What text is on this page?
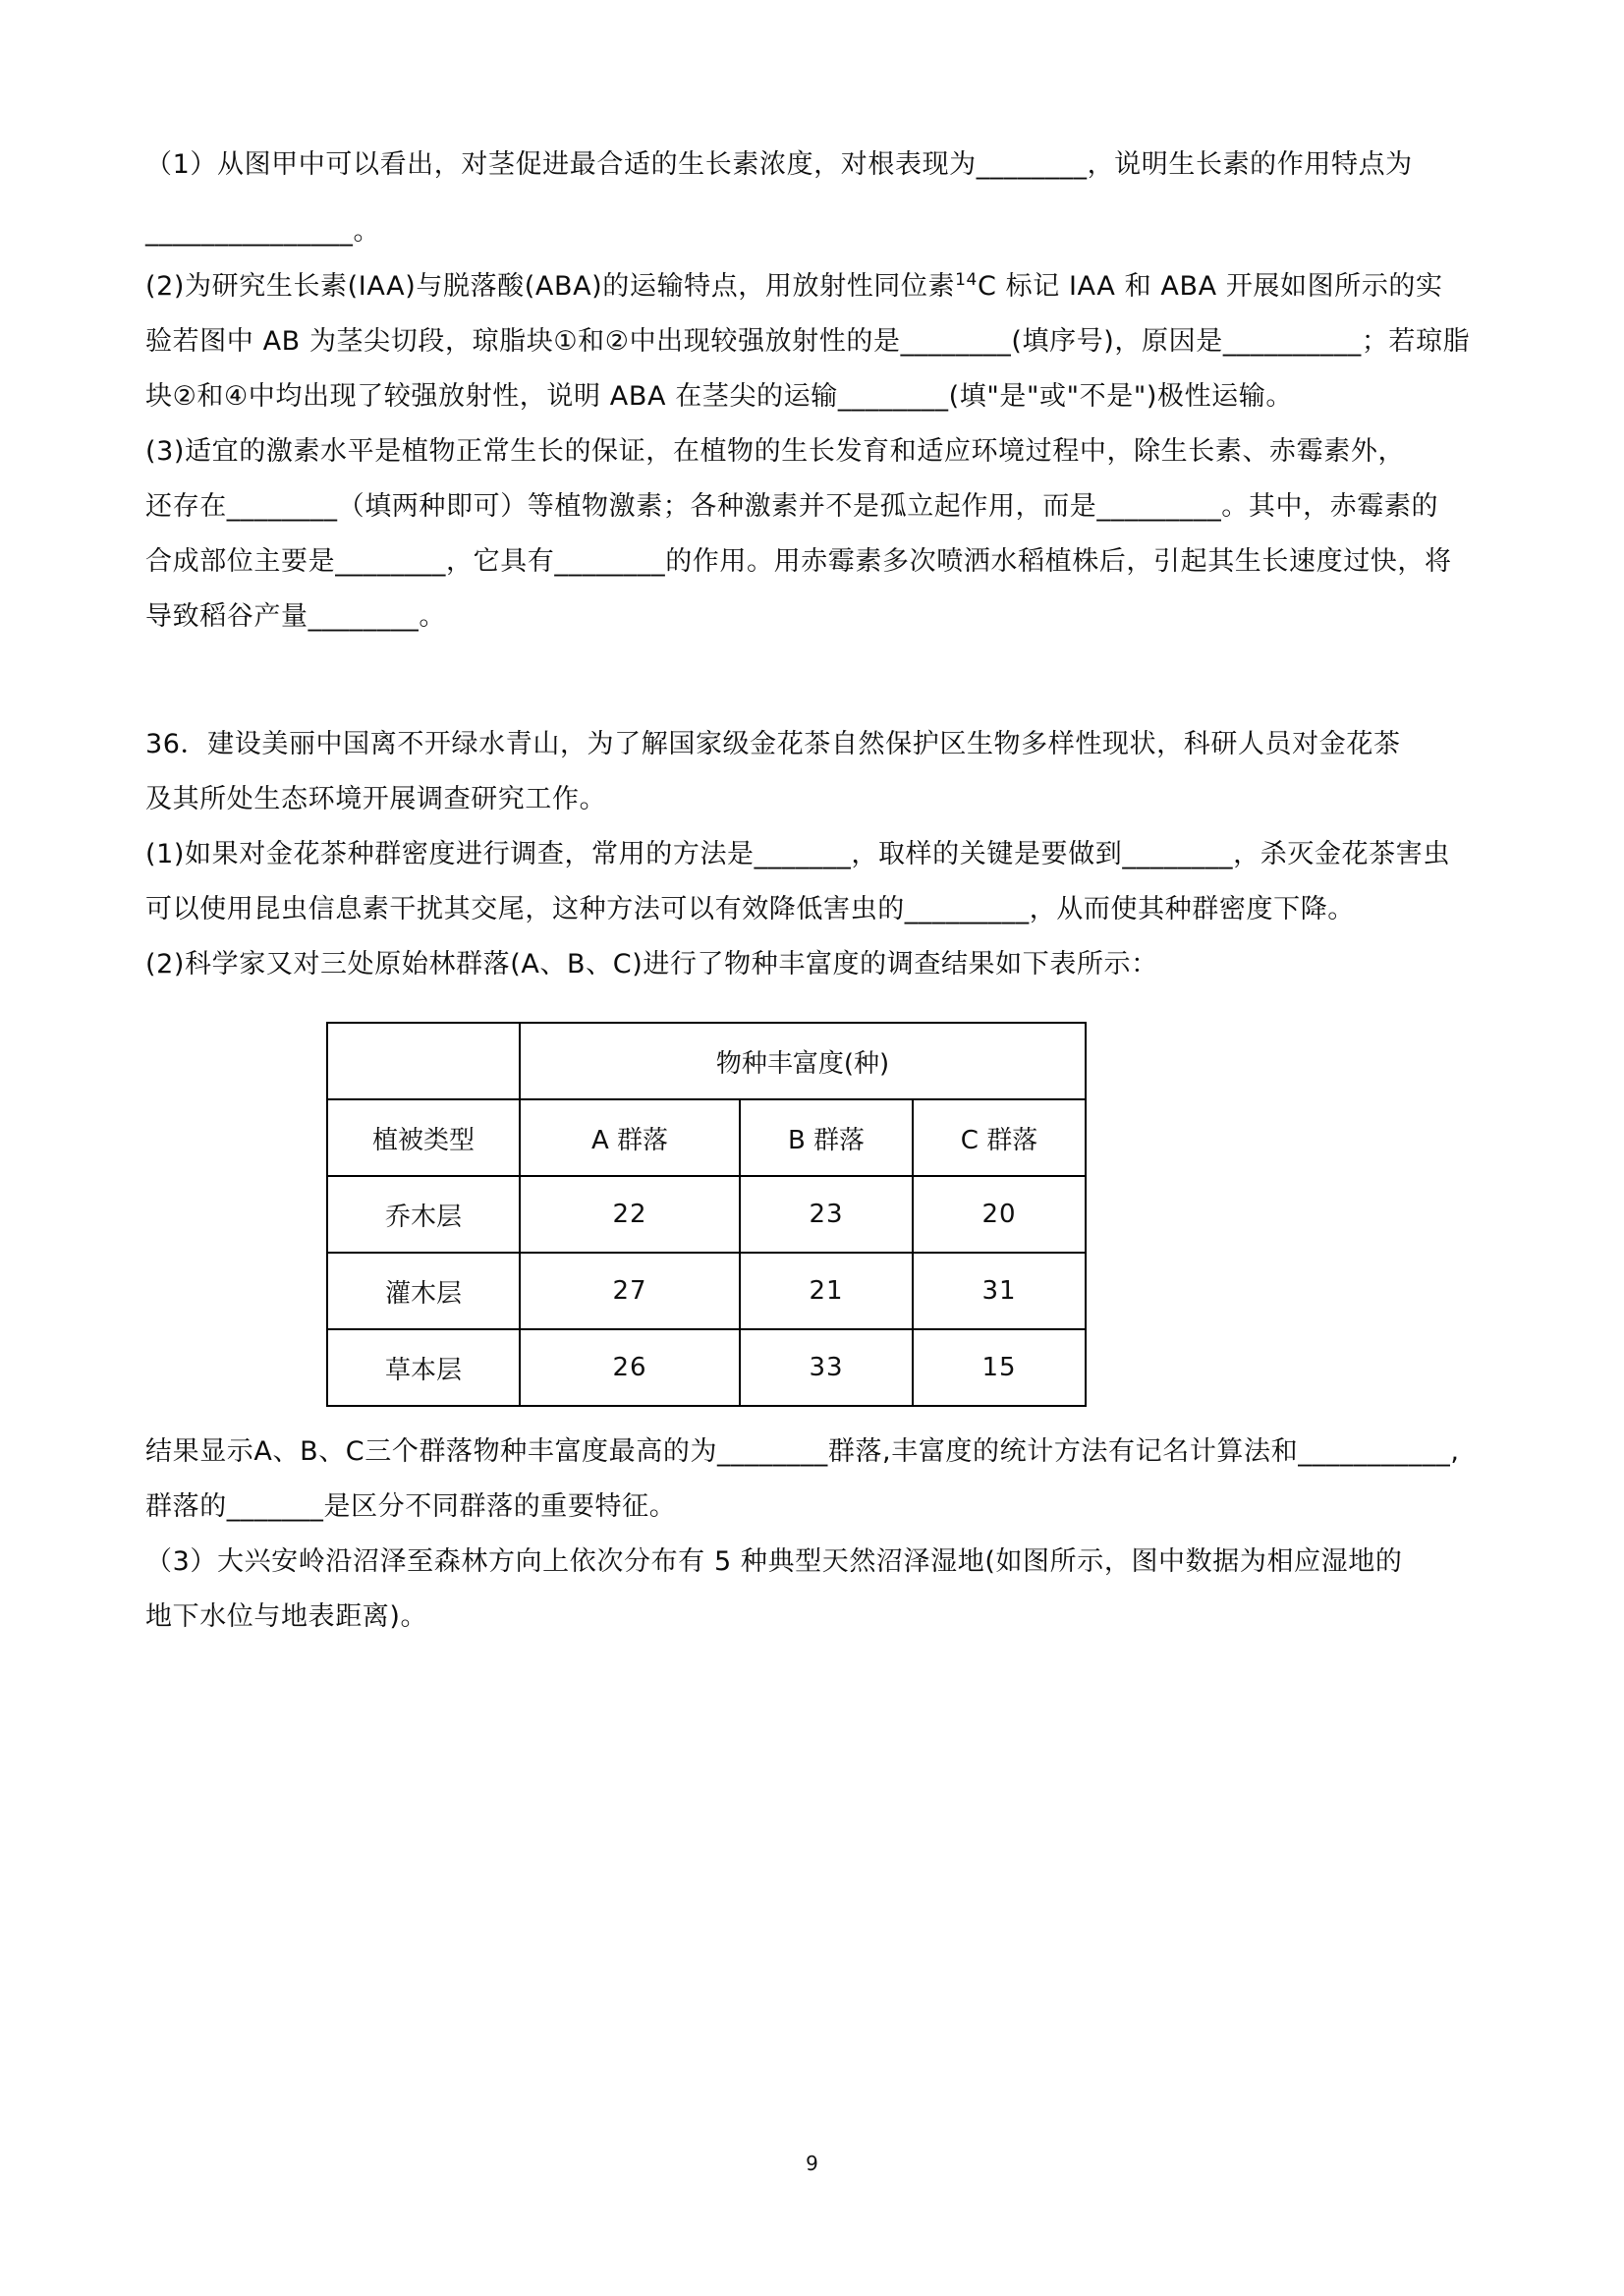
（1）从图甲中可以看出，对茎促进最合适的生长素浓度，对根表现为________，说明生长素的作用特点为
_______________。
(2)为研究生长素(IAA)与脱落酸(ABA)的运输特点，用放射性同位素$^{14}$C 标记 IAA 和 ABA 开展如图所示的实
验若图中 AB 为茎尖切段，琼脂块①和②中出现较强放射性的是________(填序号)，原因是__________；若琼脂
块②和④中均出现了较强放射性，说明 ABA 在茎尖的运输________(填"是"或"不是")极性运输。
(3)适宜的激素水平是植物正常生长的保证，在植物的生长发育和适应环境过程中，除生长素、赤霉素外，
还存在________（填两种即可）等植物激素；各种激素并不是孤立起作用，而是_________。其中，赤霉素的
合成部位主要是________，它具有________的作用。用赤霉素多次喷洒水稻植株后，引起其生长速度过快，将
导致稻谷产量________。
36．建设美丽中国离不开绿水青山，为了解国家级金花茶自然保护区生物多样性现状，科研人员对金花茶
及其所处生态环境开展调查研究工作。
(1)如果对金花茶种群密度进行调查，常用的方法是_______，取样的关键是要做到________，杀灭金花茶害虫
可以使用昆虫信息素干扰其交尾，这种方法可以有效降低害虫的_________，从而使其种群密度下降。
(2)科学家又对三处原始林群落(A、B、C)进行了物种丰富度的调查结果如下表所示：
	物种丰富度(种)		
植被类型	A 群落	B 群落	C 群落
乔木层	22	23	20
灌木层	27	21	31
草本层	26	33	15
结果显示A、B、C三个群落物种丰富度最高的为________群落,丰富度的统计方法有记名计算法和___________,
群落的_______是区分不同群落的重要特征。
（3）大兴安岭沿沼泽至森林方向上依次分布有 5 种典型天然沼泽湿地(如图所示，图中数据为相应湿地的
地下水位与地表距离)。
9
